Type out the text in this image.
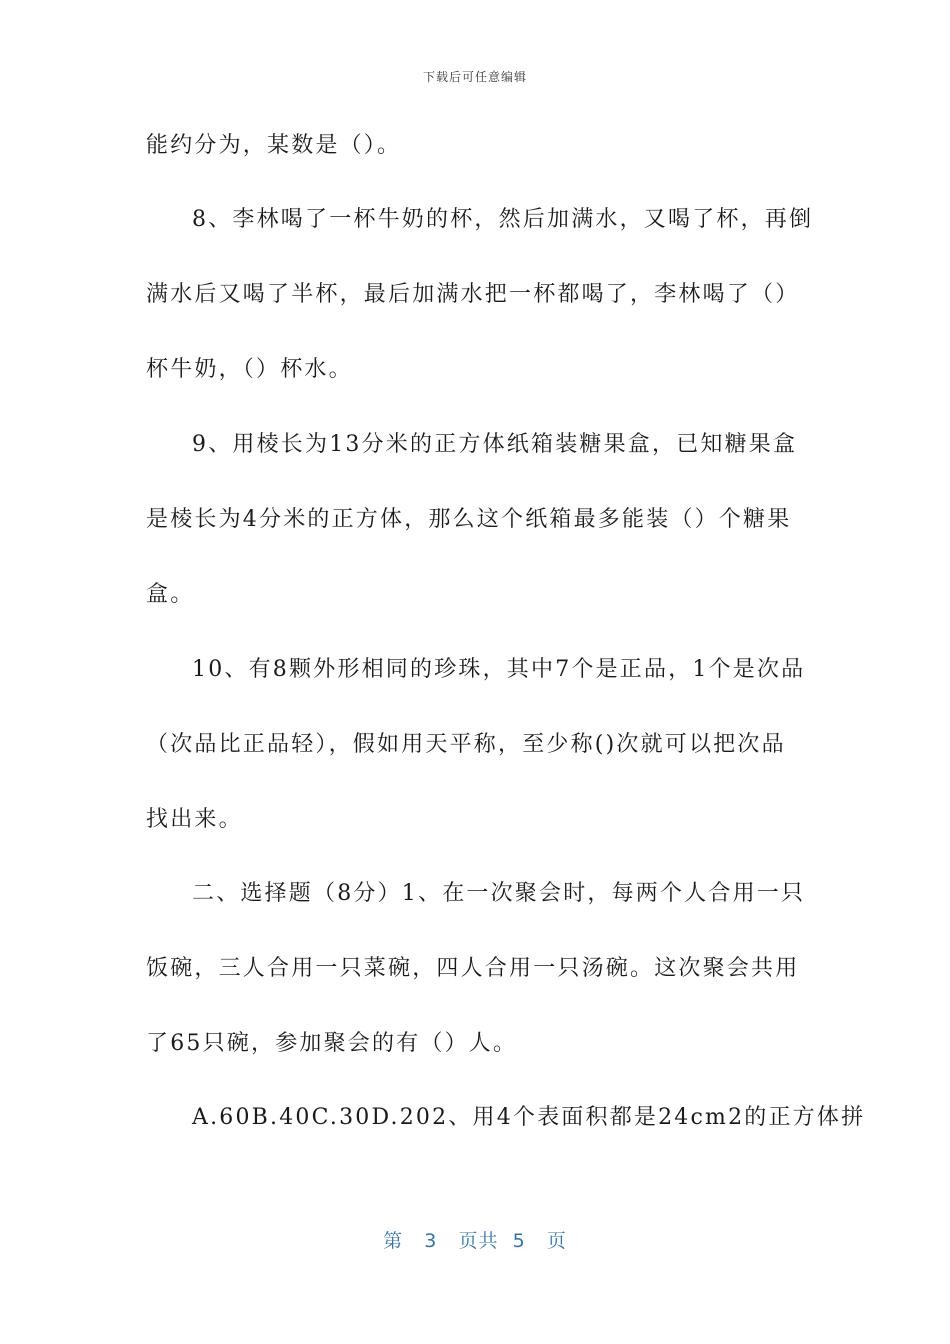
下载后可任意编辑
能约分为，某数是（）。
8、李林喝了一杯牛奶的杯，然后加满水，又喝了杯，再倒
满水后又喝了半杯，最后加满水把一杯都喝了，李林喝了（）
杯牛奶，（）杯水。
9、用棱长为13分米的正方体纸箱装糖果盒，已知糖果盒
是棱长为4分米的正方体，那么这个纸箱最多能装（）个糖果
盒。
10、有8颗外形相同的珍珠，其中7个是正品，1个是次品
（次品比正品轻），假如用天平称，至少称()次就可以把次品
找出来。
二、选择题（8分）1、在一次聚会时，每两个人合用一只
饭碗，三人合用一只菜碗，四人合用一只汤碗。这次聚会共用
了65只碗，参加聚会的有（）人。
A.60B.40C.30D.202、用4个表面积都是24cm2的正方体拼
第 3 页共 5 页
